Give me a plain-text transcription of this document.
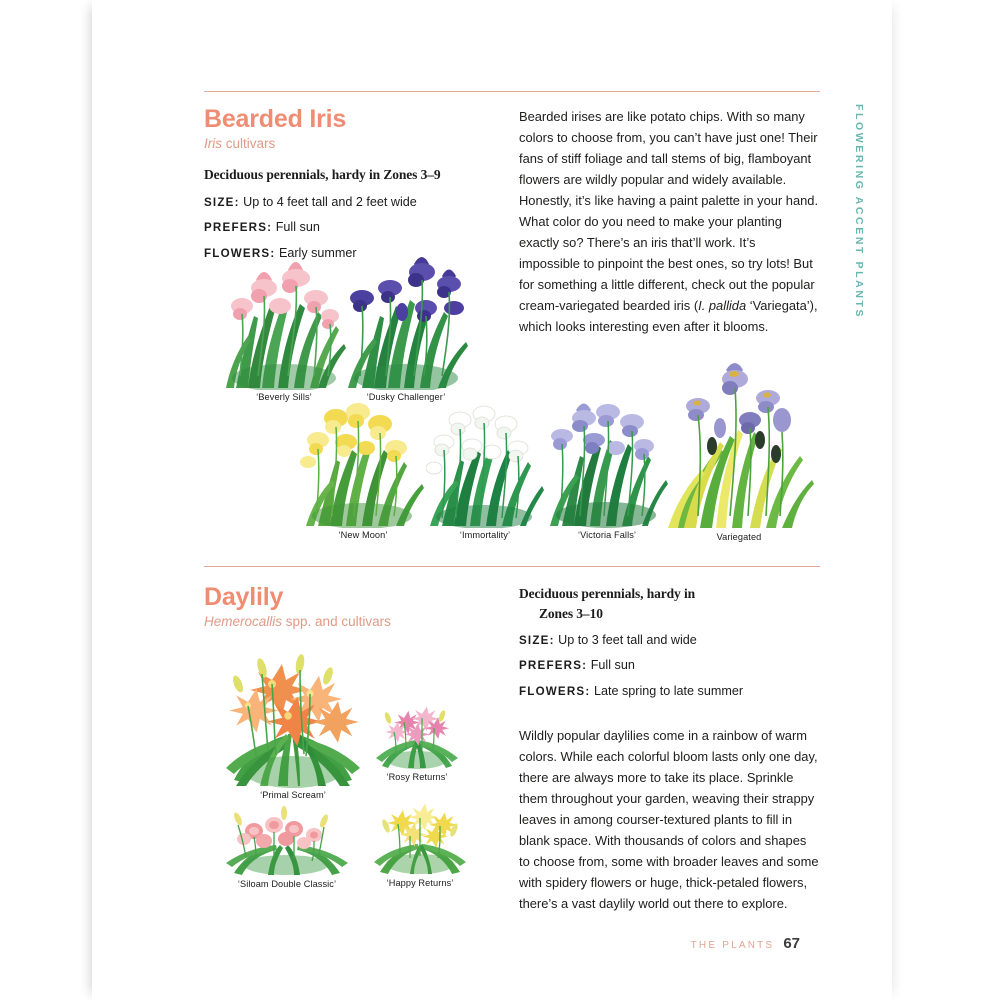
FLOWERING ACCENT PLANTS
Bearded Iris

Iris cultivars

Deciduous perennials, hardy in Zones 3–9

SIZE: Up to 4 feet tall and 2 feet wide

PREFERS: Full sun

FLOWERS: Early summer

Bearded irises are like potato chips. With so many colors to choose from, you can’t have just one! Their fans of stiff foliage and tall stems of big, flamboyant flowers are wildly popular and widely available. Honestly, it’s like having a paint palette in your hand. What color do you need to make your planting exactly so? There’s an iris that’ll work. It’s impossible to pinpoint the best ones, so try lots! But for something a little different, check out the popular cream-variegated bearded iris (I. pallida ‘Variegata’), which looks interesting even after it blooms.

‘Beverly Sills’	‘Dusky Challenger’
‘New Moon’	‘Immortality’	‘Victoria Falls’	Variegated
Daylily

Hemerocallis spp. and cultivars

Deciduous perennials, hardy in
Zones 3–10

SIZE: Up to 3 feet tall and wide

PREFERS: Full sun

FLOWERS: Late spring to late summer

Wildly popular daylilies come in a rainbow of warm colors. While each colorful bloom lasts only one day, there are always more to take its place. Sprinkle them throughout your garden, weaving their strappy leaves in among courser-textured plants to fill in blank space. With thousands of colors and shapes to choose from, some with broader leaves and some with spidery flowers or huge, thick-petaled flowers, there’s a vast daylily world out there to explore.

‘Primal Scream’
‘Rosy Returns’
‘Siloam Double Classic’	‘Happy Returns’
THE PLANTS 67
